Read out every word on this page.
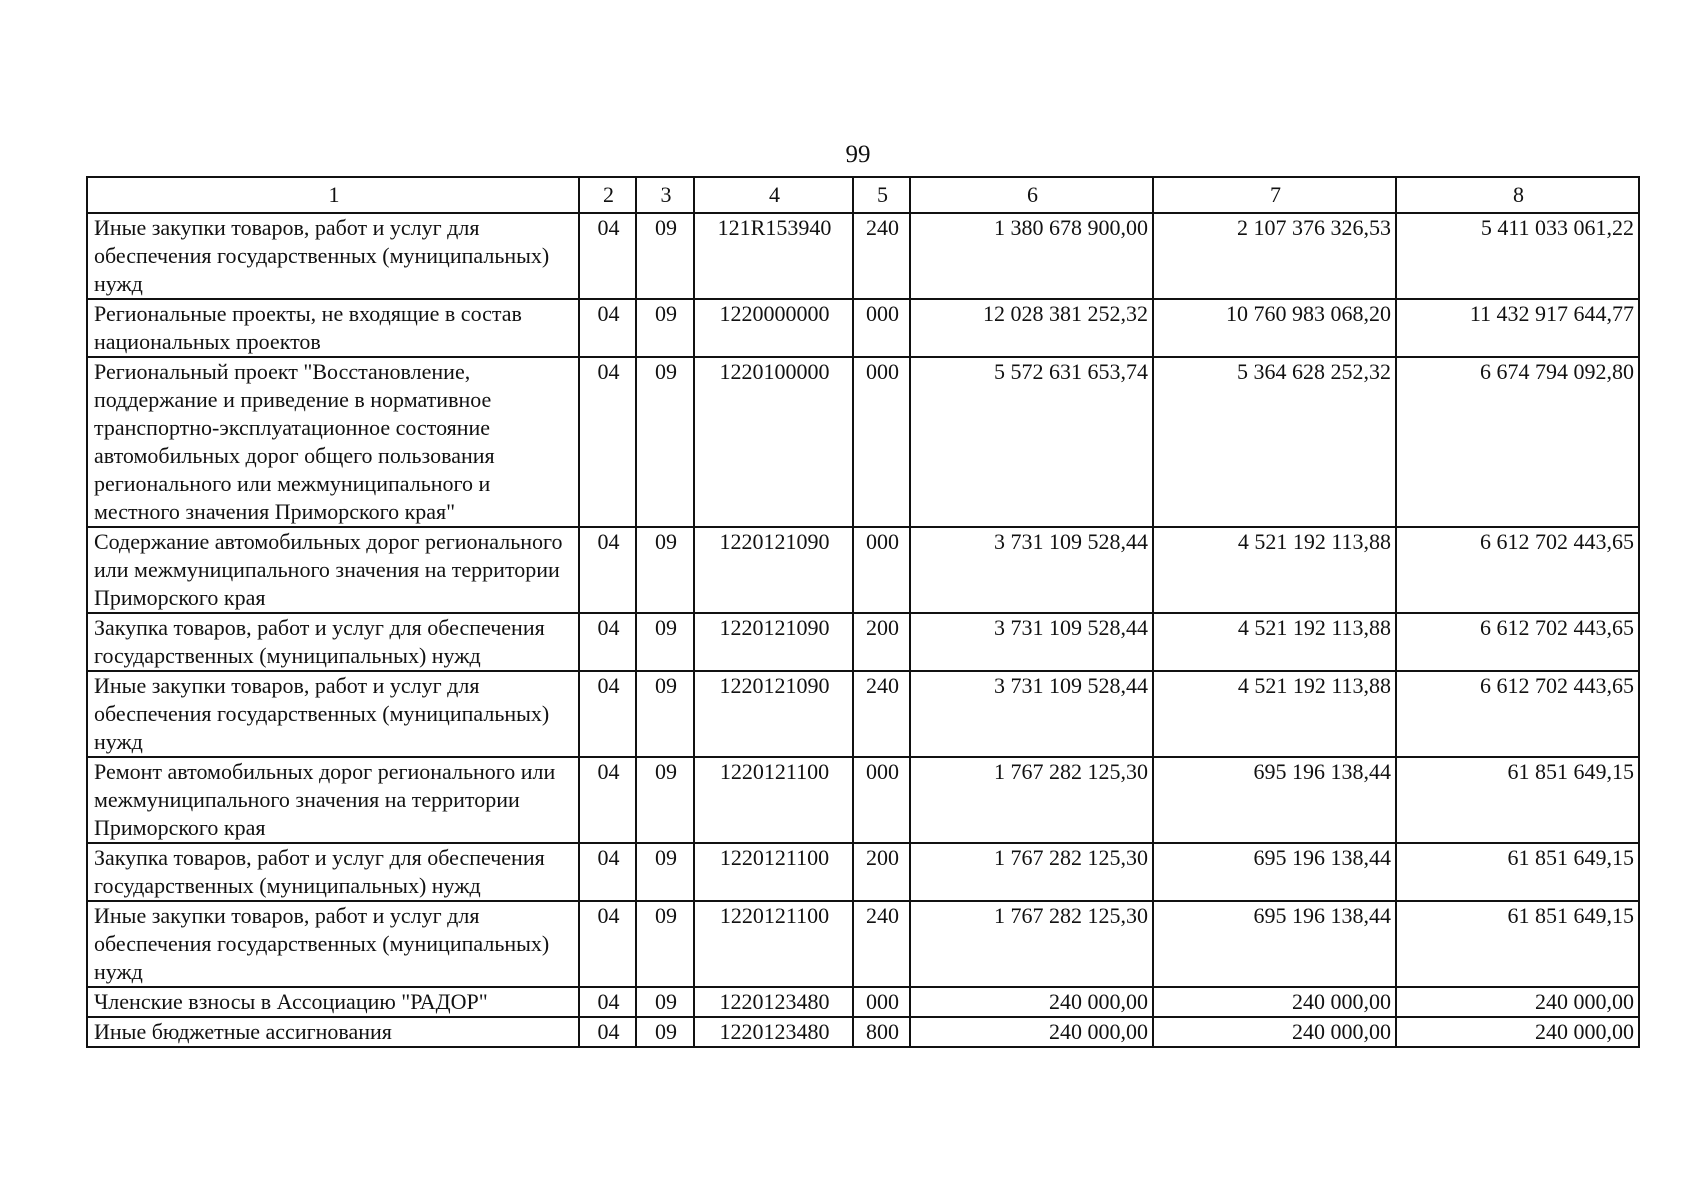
99
1	2	3	4	5	6	7	8
Иные закупки товаров, работ и услуг для обеспечения государственных (муниципальных) нужд	04	09	121R153940	240	1 380 678 900,00	2 107 376 326,53	5 411 033 061,22
Региональные проекты, не входящие в состав национальных проектов	04	09	1220000000	000	12 028 381 252,32	10 760 983 068,20	11 432 917 644,77
Региональный проект "Восстановление, поддержание и приведение в нормативное транспортно-эксплуатационное состояние автомобильных дорог общего пользования регионального или межмуниципального и местного значения Приморского края"	04	09	1220100000	000	5 572 631 653,74	5 364 628 252,32	6 674 794 092,80
Содержание автомобильных дорог регионального или межмуниципального значения на территории Приморского края	04	09	1220121090	000	3 731 109 528,44	4 521 192 113,88	6 612 702 443,65
Закупка товаров, работ и услуг для обеспечения государственных (муниципальных) нужд	04	09	1220121090	200	3 731 109 528,44	4 521 192 113,88	6 612 702 443,65
Иные закупки товаров, работ и услуг для обеспечения государственных (муниципальных) нужд	04	09	1220121090	240	3 731 109 528,44	4 521 192 113,88	6 612 702 443,65
Ремонт автомобильных дорог регионального или межмуниципального значения на территории Приморского края	04	09	1220121100	000	1 767 282 125,30	695 196 138,44	61 851 649,15
Закупка товаров, работ и услуг для обеспечения государственных (муниципальных) нужд	04	09	1220121100	200	1 767 282 125,30	695 196 138,44	61 851 649,15
Иные закупки товаров, работ и услуг для обеспечения государственных (муниципальных) нужд	04	09	1220121100	240	1 767 282 125,30	695 196 138,44	61 851 649,15
Членские взносы в Ассоциацию "РАДОР"	04	09	1220123480	000	240 000,00	240 000,00	240 000,00
Иные бюджетные ассигнования	04	09	1220123480	800	240 000,00	240 000,00	240 000,00
